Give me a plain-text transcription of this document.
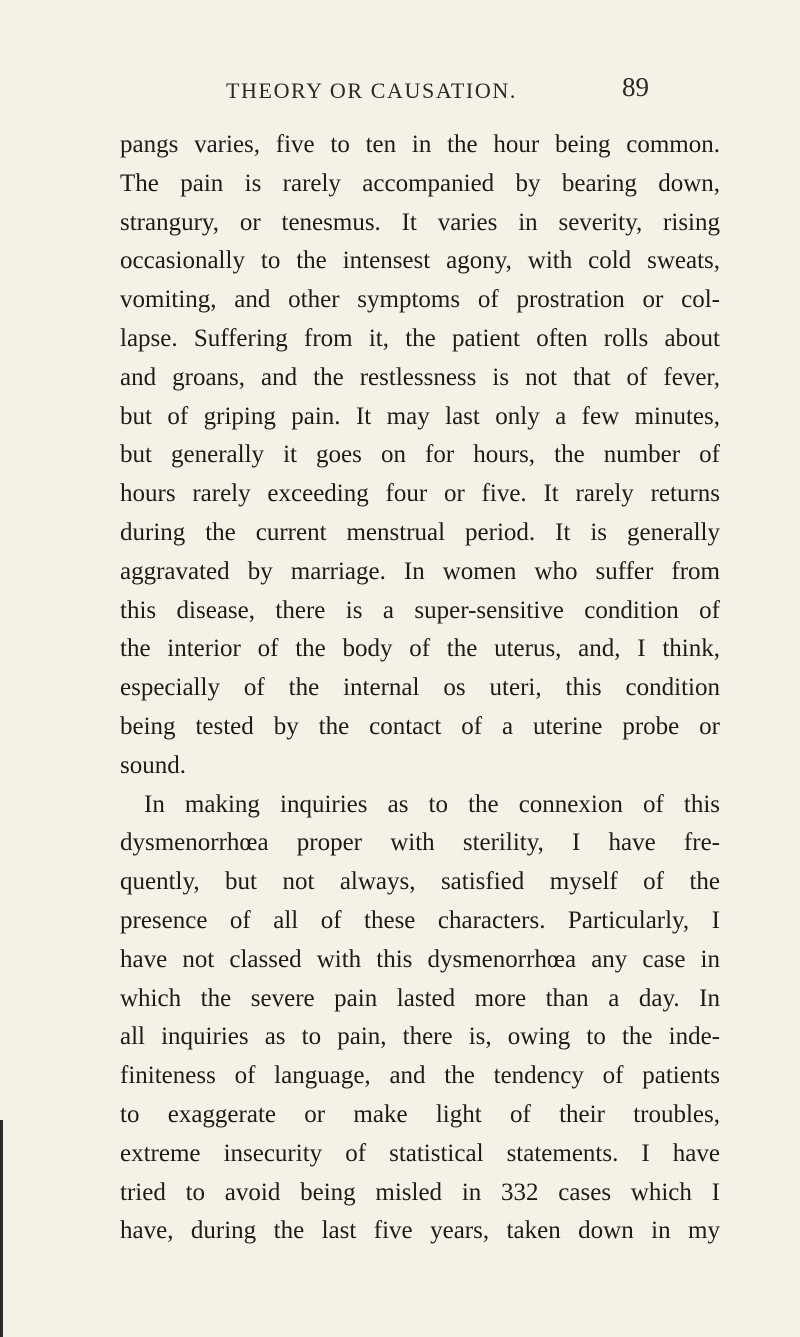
THEORY OR CAUSATION.	89
pangs varies, five to ten in the hour being common.
The pain is rarely accompanied by bearing down,
strangury, or tenesmus. It varies in severity, rising
occasionally to the intensest agony, with cold sweats,
vomiting, and other symptoms of prostration or col-
lapse. Suffering from it, the patient often rolls about
and groans, and the restlessness is not that of fever,
but of griping pain. It may last only a few minutes,
but generally it goes on for hours, the number of
hours rarely exceeding four or five. It rarely returns
during the current menstrual period. It is generally
aggravated by marriage. In women who suffer from
this disease, there is a super-sensitive condition of
the interior of the body of the uterus, and, I think,
especially of the internal os uteri, this condition
being tested by the contact of a uterine probe or
sound.
In making inquiries as to the connexion of this
dysmenorrhœa proper with sterility, I have fre-
quently, but not always, satisfied myself of the
presence of all of these characters. Particularly, I
have not classed with this dysmenorrhœa any case in
which the severe pain lasted more than a day. In
all inquiries as to pain, there is, owing to the inde-
finiteness of language, and the tendency of patients
to exaggerate or make light of their troubles,
extreme insecurity of statistical statements. I have
tried to avoid being misled in 332 cases which I
have, during the last five years, taken down in my
